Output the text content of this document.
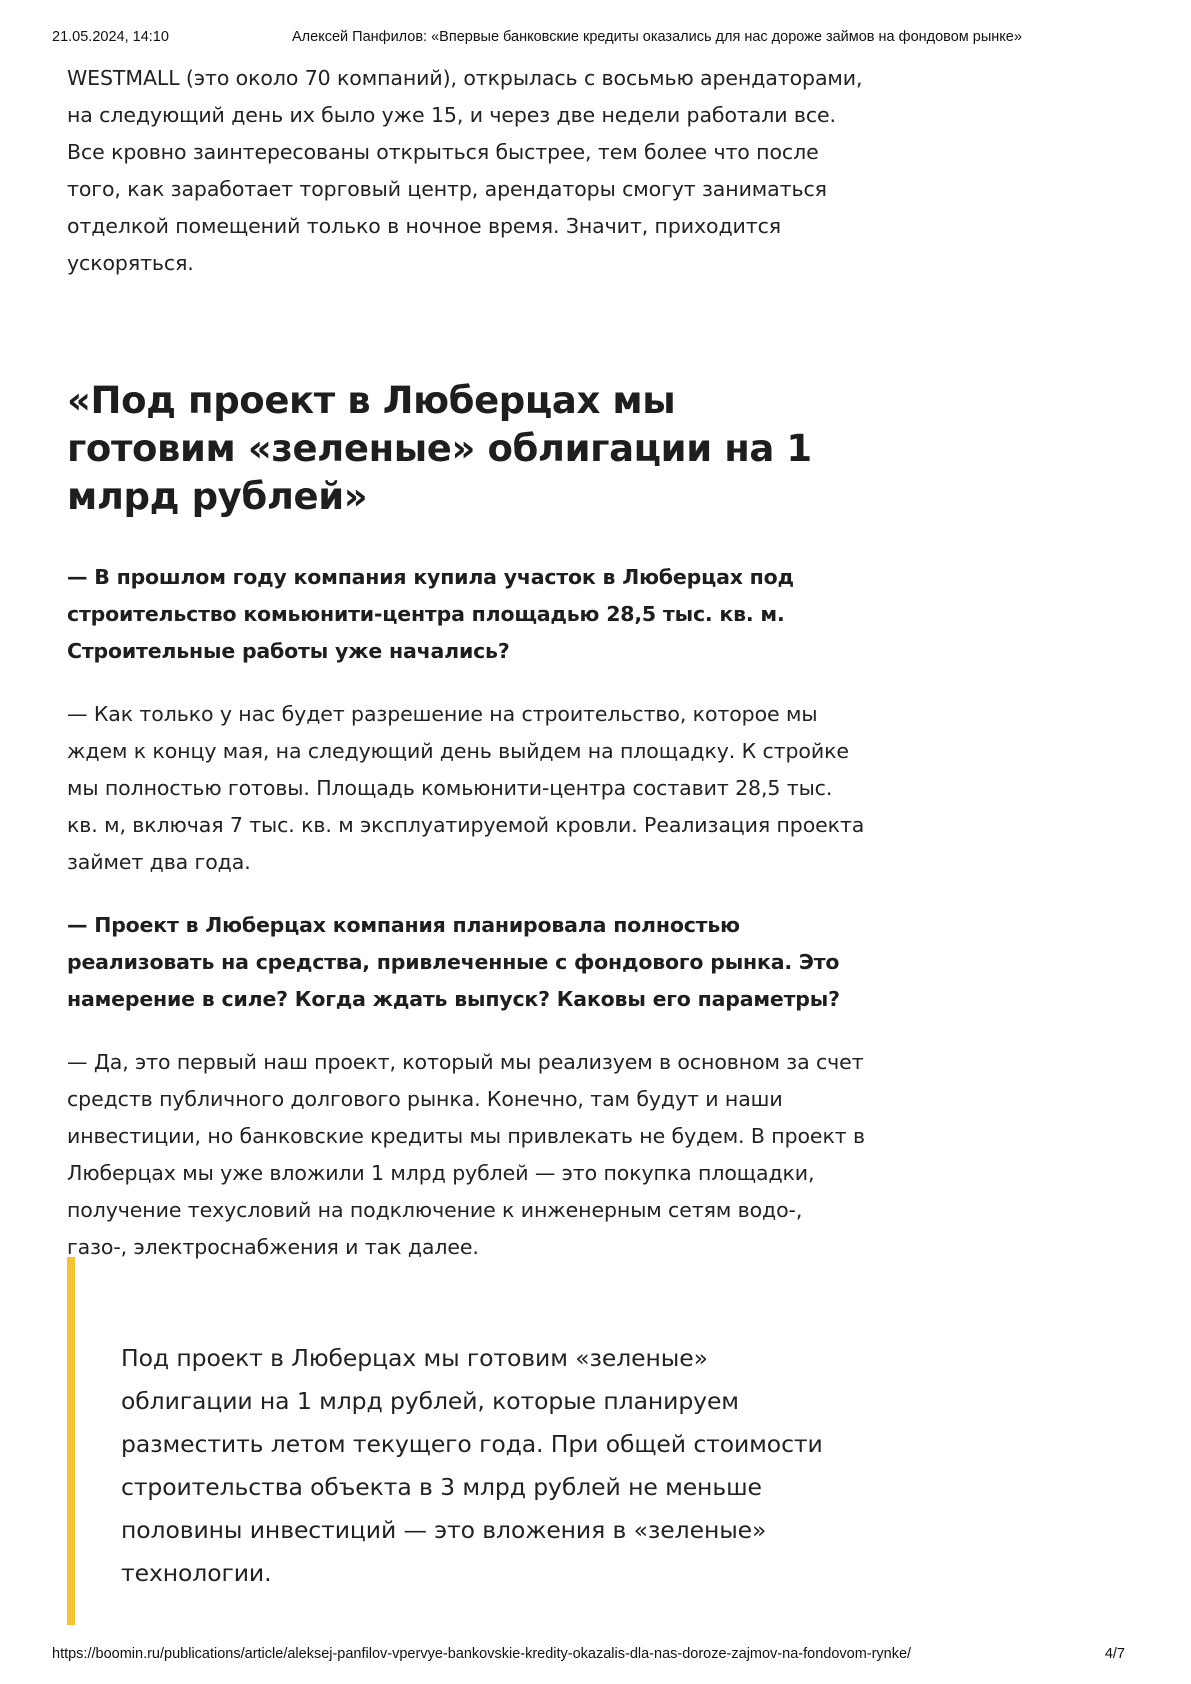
21.05.2024, 14:10	Алексей Панфилов: «Впервые банковские кредиты оказались для нас дороже займов на фондовом рынке»

WESTMALL (это около 70 компаний), открылась с восьмью арендаторами, на следующий день их было уже 15, и через две недели работали все. Все кровно заинтересованы открыться быстрее, тем более что после того, как заработает торговый центр, арендаторы смогут заниматься отделкой помещений только в ночное время. Значит, приходится ускоряться.

«Под проект в Люберцах мы готовим «зеленые» облигации на 1 млрд рублей»

— В прошлом году компания купила участок в Люберцах под строительство комьюнити-центра площадью 28,5 тыс. кв. м. Строительные работы уже начались?

— Как только у нас будет разрешение на строительство, которое мы ждем к концу мая, на следующий день выйдем на площадку. К стройке мы полностью готовы. Площадь комьюнити-центра составит 28,5 тыс. кв. м, включая 7 тыс. кв. м эксплуатируемой кровли. Реализация проекта займет два года.

— Проект в Люберцах компания планировала полностью реализовать на средства, привлеченные с фондового рынка. Это намерение в силе? Когда ждать выпуск? Каковы его параметры?

— Да, это первый наш проект, который мы реализуем в основном за счет средств публичного долгового рынка. Конечно, там будут и наши инвестиции, но банковские кредиты мы привлекать не будем. В проект в Люберцах мы уже вложили 1 млрд рублей — это покупка площадки, получение техусловий на подключение к инженерным сетям водо-, газо-, электроснабжения и так далее.

Под проект в Люберцах мы готовим «зеленые» облигации на 1 млрд рублей, которые планируем разместить летом текущего года. При общей стоимости строительства объекта в 3 млрд рублей не меньше половины инвестиций — это вложения в «зеленые» технологии.

https://boomin.ru/publications/article/aleksej-panfilov-vpervye-bankovskie-kredity-okazalis-dla-nas-doroze-zajmov-na-fondovom-rynke/	4/7
